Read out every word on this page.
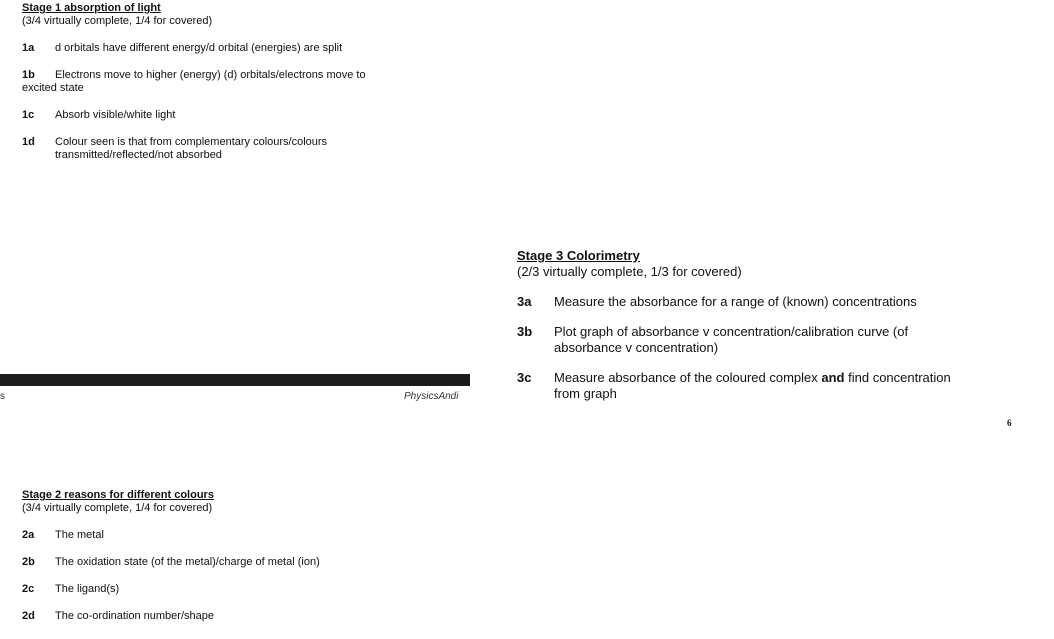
Stage 1 absorption of light
(3/4 virtually complete, 1/4 for covered)
1a d orbitals have different energy/d orbital (energies) are split
1b Electrons move to higher (energy) (d) orbitals/electrons move to
excited state
1c Absorb visible/white light
1d	Colour seen is that from complementary colours/colours
transmitted/reflected/not absorbed
s	PhysicsAndi
Stage 3 Colorimetry
(2/3 virtually complete, 1/3 for covered)
3a Measure the absorbance for a range of (known) concentrations
3b Plot graph of absorbance v concentration/calibration curve (of
absorbance v concentration)
3c Measure absorbance of the coloured complex and find concentration
from graph
6
Stage 2 reasons for different colours
(3/4 virtually complete, 1/4 for covered)
2a The metal
2b The oxidation state (of the metal)/charge of metal (ion)
2c The ligand(s)
2d The co-ordination number/shape
